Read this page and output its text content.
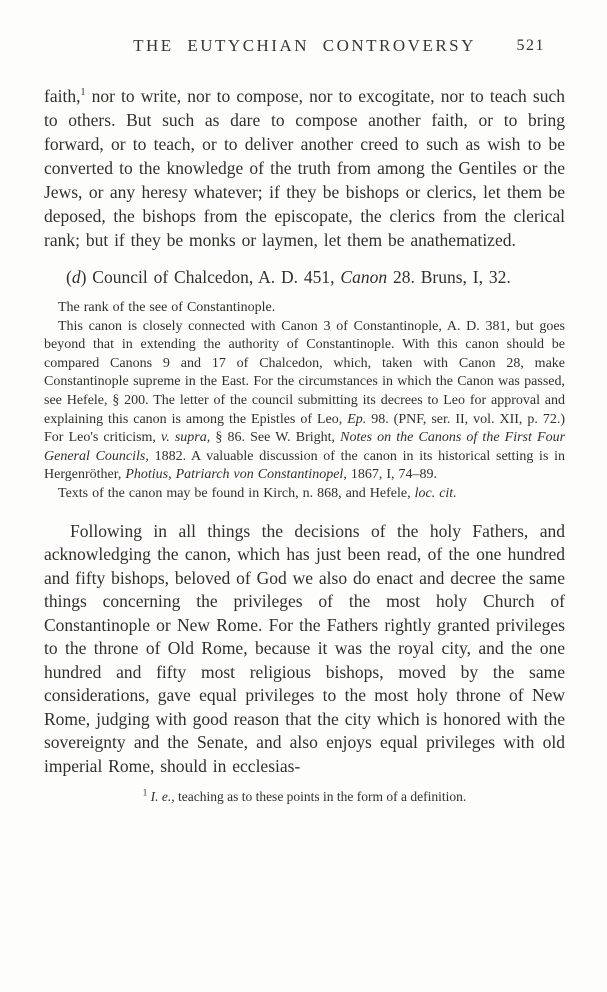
THE EUTYCHIAN CONTROVERSY	521

faith,$^1$ nor to write, nor to compose, nor to excogitate, nor to teach such to others. But such as dare to compose another faith, or to bring forward, or to teach, or to deliver another creed to such as wish to be converted to the knowledge of the truth from among the Gentiles or the Jews, or any heresy whatever; if they be bishops or clerics, let them be deposed, the bishops from the episcopate, the clerics from the clerical rank; but if they be monks or laymen, let them be anathematized.

(d) Council of Chalcedon, A. D. 451, Canon 28. Bruns, I, 32.

The rank of the see of Constantinople.

This canon is closely connected with Canon 3 of Constantinople, A. D. 381, but goes beyond that in extending the authority of Constantinople. With this canon should be compared Canons 9 and 17 of Chalcedon, which, taken with Canon 28, make Constantinople supreme in the East. For the circumstances in which the Canon was passed, see Hefele, § 200. The letter of the council submitting its decrees to Leo for approval and explaining this canon is among the Epistles of Leo, Ep. 98. (PNF, ser. II, vol. XII, p. 72.) For Leo's criticism, v. supra, § 86. See W. Bright, Notes on the Canons of the First Four General Councils, 1882. A valuable discussion of the canon in its historical setting is in Hergenröther, Photius, Patriarch von Constantinopel, 1867, I, 74–89.

Texts of the canon may be found in Kirch, n. 868, and Hefele, loc. cit.

Following in all things the decisions of the holy Fathers, and acknowledging the canon, which has just been read, of the one hundred and fifty bishops, beloved of God we also do enact and decree the same things concerning the privileges of the most holy Church of Constantinople or New Rome. For the Fathers rightly granted privileges to the throne of Old Rome, because it was the royal city, and the one hundred and fifty most religious bishops, moved by the same considerations, gave equal privileges to the most holy throne of New Rome, judging with good reason that the city which is honored with the sovereignty and the Senate, and also enjoys equal privileges with old imperial Rome, should in ecclesias-

$^1$ I. e., teaching as to these points in the form of a definition.
